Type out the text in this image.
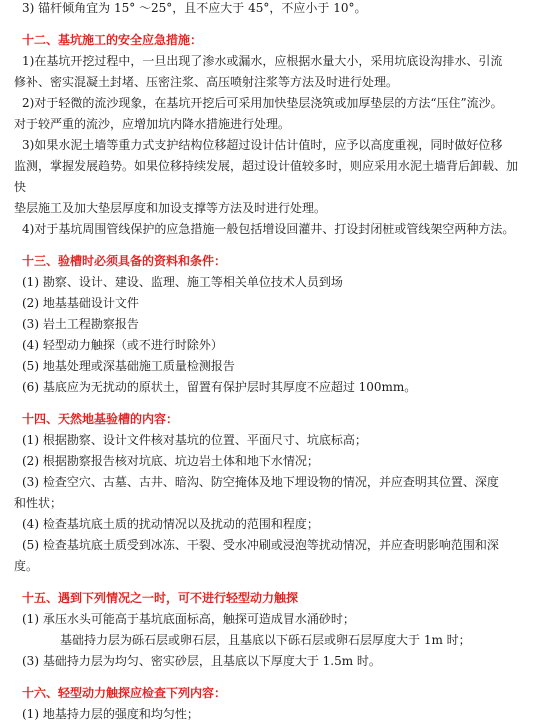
3) 锚杆倾角宜为 15° ～25°，且不应大于 45°，不应小于 10°。

十二、基坑施工的安全应急措施：

1)在基坑开挖过程中，一旦出现了渗水或漏水，应根据水量大小，采用坑底设沟排水、引流

修补、密实混凝土封堵、压密注浆、高压喷射注浆等方法及时进行处理。

2)对于轻微的流沙现象，在基坑开挖后可采用加快垫层浇筑或加厚垫层的方法“压住”流沙。

对于较严重的流沙，应增加坑内降水措施进行处理。

3)如果水泥土墙等重力式支护结构位移超过设计估计值时，应予以高度重视，同时做好位移

监测，掌握发展趋势。如果位移持续发展，超过设计值较多时，则应采用水泥土墙背后卸载、加快

垫层施工及加大垫层厚度和加设支撑等方法及时进行处理。

4)对于基坑周围管线保护的应急措施一般包括增设回灌井、打设封闭桩或管线架空两种方法。

十三、验槽时必须具备的资料和条件：

(1) 勘察、设计、建设、监理、施工等相关单位技术人员到场

(2) 地基基础设计文件

(3) 岩土工程勘察报告

(4) 轻型动力触探（或不进行时除外）

(5) 地基处理或深基础施工质量检测报告

(6) 基底应为无扰动的原状土，留置有保护层时其厚度不应超过 100mm。

十四、天然地基验槽的内容：

(1) 根据勘察、设计文件核对基坑的位置、平面尺寸、坑底标高；

(2) 根据勘察报告核对坑底、坑边岩土体和地下水情况；

(3) 检查空穴、古墓、古井、暗沟、防空掩体及地下埋设物的情况，并应查明其位置、深度

和性状；

(4) 检查基坑底土质的扰动情况以及扰动的范围和程度；

(5) 检查基坑底土质受到冰冻、干裂、受水冲刷或浸泡等扰动情况，并应查明影响范围和深

度。

十五、遇到下列情况之一时，可不进行轻型动力触探

(1) 承压水头可能高于基坑底面标高，触探可造成冒水涌砂时；

基础持力层为砾石层或卵石层，且基底以下砾石层或卵石层厚度大于 1m 时；

(3) 基础持力层为均匀、密实砂层，且基底以下厚度大于 1.5m 时。

十六、轻型动力触探应检查下列内容：

(1) 地基持力层的强度和均匀性；
